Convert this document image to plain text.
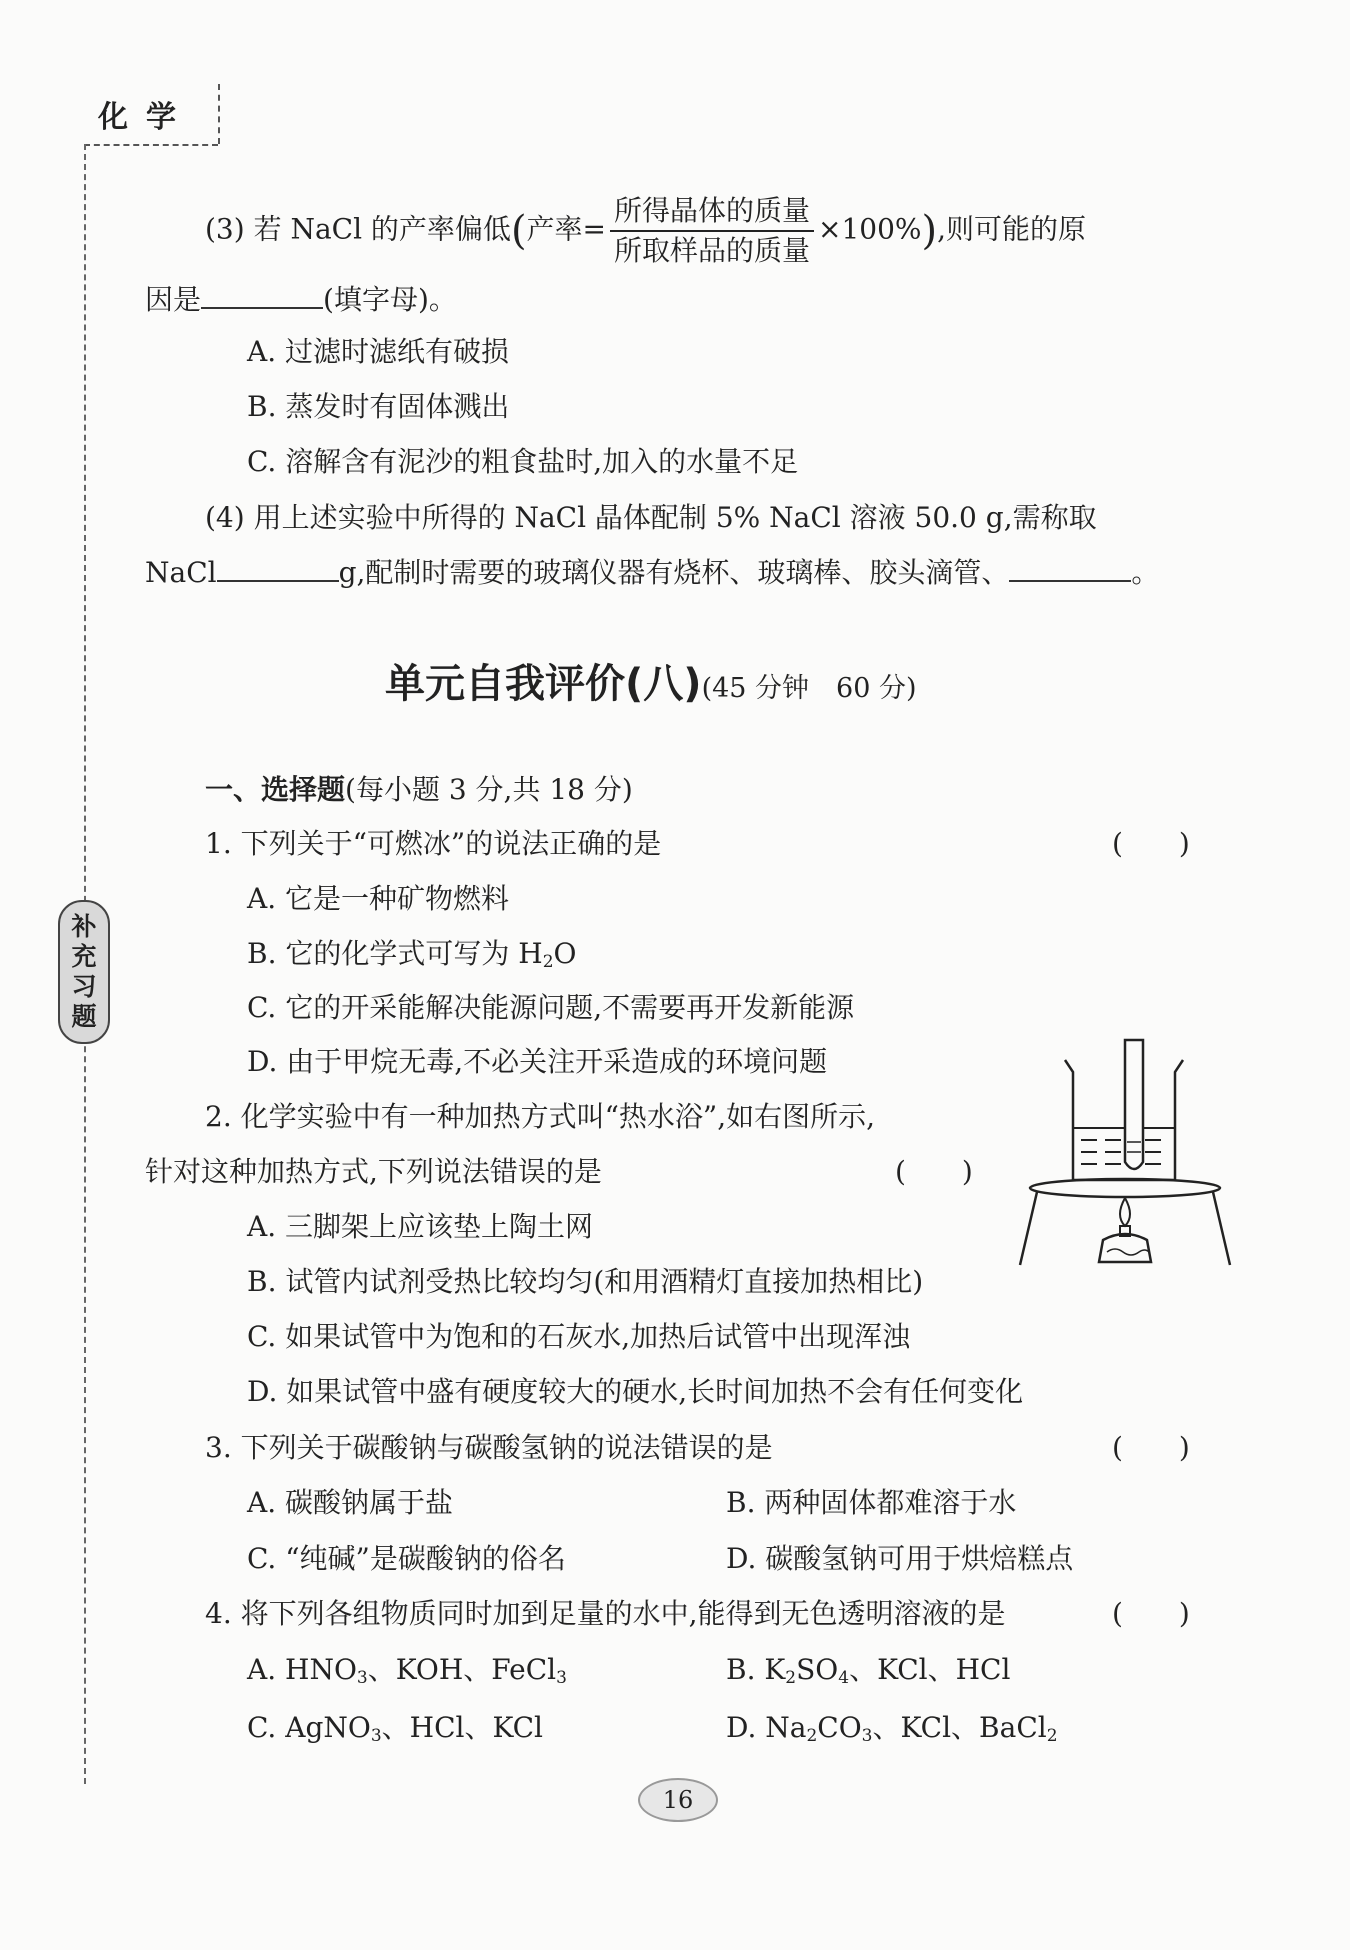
化学
补
充
习
题
(3) 若 NaCl 的产率偏低(产率= $\frac{\text{所得晶体的质量}}{\text{所取样品的质量}} \times 100\%$),则可能的原
因是	(填字母)。
A. 过滤时滤纸有破损
B. 蒸发时有固体溅出
C. 溶解含有泥沙的粗食盐时,加入的水量不足
(4) 用上述实验中所得的 NaCl 晶体配制 5% NaCl 溶液 50.0 g,需称取
NaCl	g,配制时需要的玻璃仪器有烧杯、玻璃棒、胶头滴管、	。
单元自我评价(八)(45 分钟　60 分)
一、选择题(每小题 3 分,共 18 分)
1. 下列关于“可燃冰”的说法正确的是	(　　)
A. 它是一种矿物燃料
B. 它的化学式可写为 $H_2O$
C. 它的开采能解决能源问题,不需要再开发新能源
D. 由于甲烷无毒,不必关注开采造成的环境问题
2. 化学实验中有一种加热方式叫“热水浴”,如右图所示,
针对这种加热方式,下列说法错误的是	(　　)
A. 三脚架上应该垫上陶土网
B. 试管内试剂受热比较均匀(和用酒精灯直接加热相比)
C. 如果试管中为饱和的石灰水,加热后试管中出现浑浊
D. 如果试管中盛有硬度较大的硬水,长时间加热不会有任何变化
3. 下列关于碳酸钠与碳酸氢钠的说法错误的是	(　　)
A. 碳酸钠属于盐	B. 两种固体都难溶于水
C. “纯碱”是碳酸钠的俗名	D. 碳酸氢钠可用于烘焙糕点
4. 将下列各组物质同时加到足量的水中,能得到无色透明溶液的是	(　　)
A. $HNO_3$、KOH、FeCl$_3$	B. $K_2SO_4$、KCl、HCl
C. AgNO$_3$、HCl、KCl	D. $Na_2CO_3$、KCl、BaCl$_2$
16
